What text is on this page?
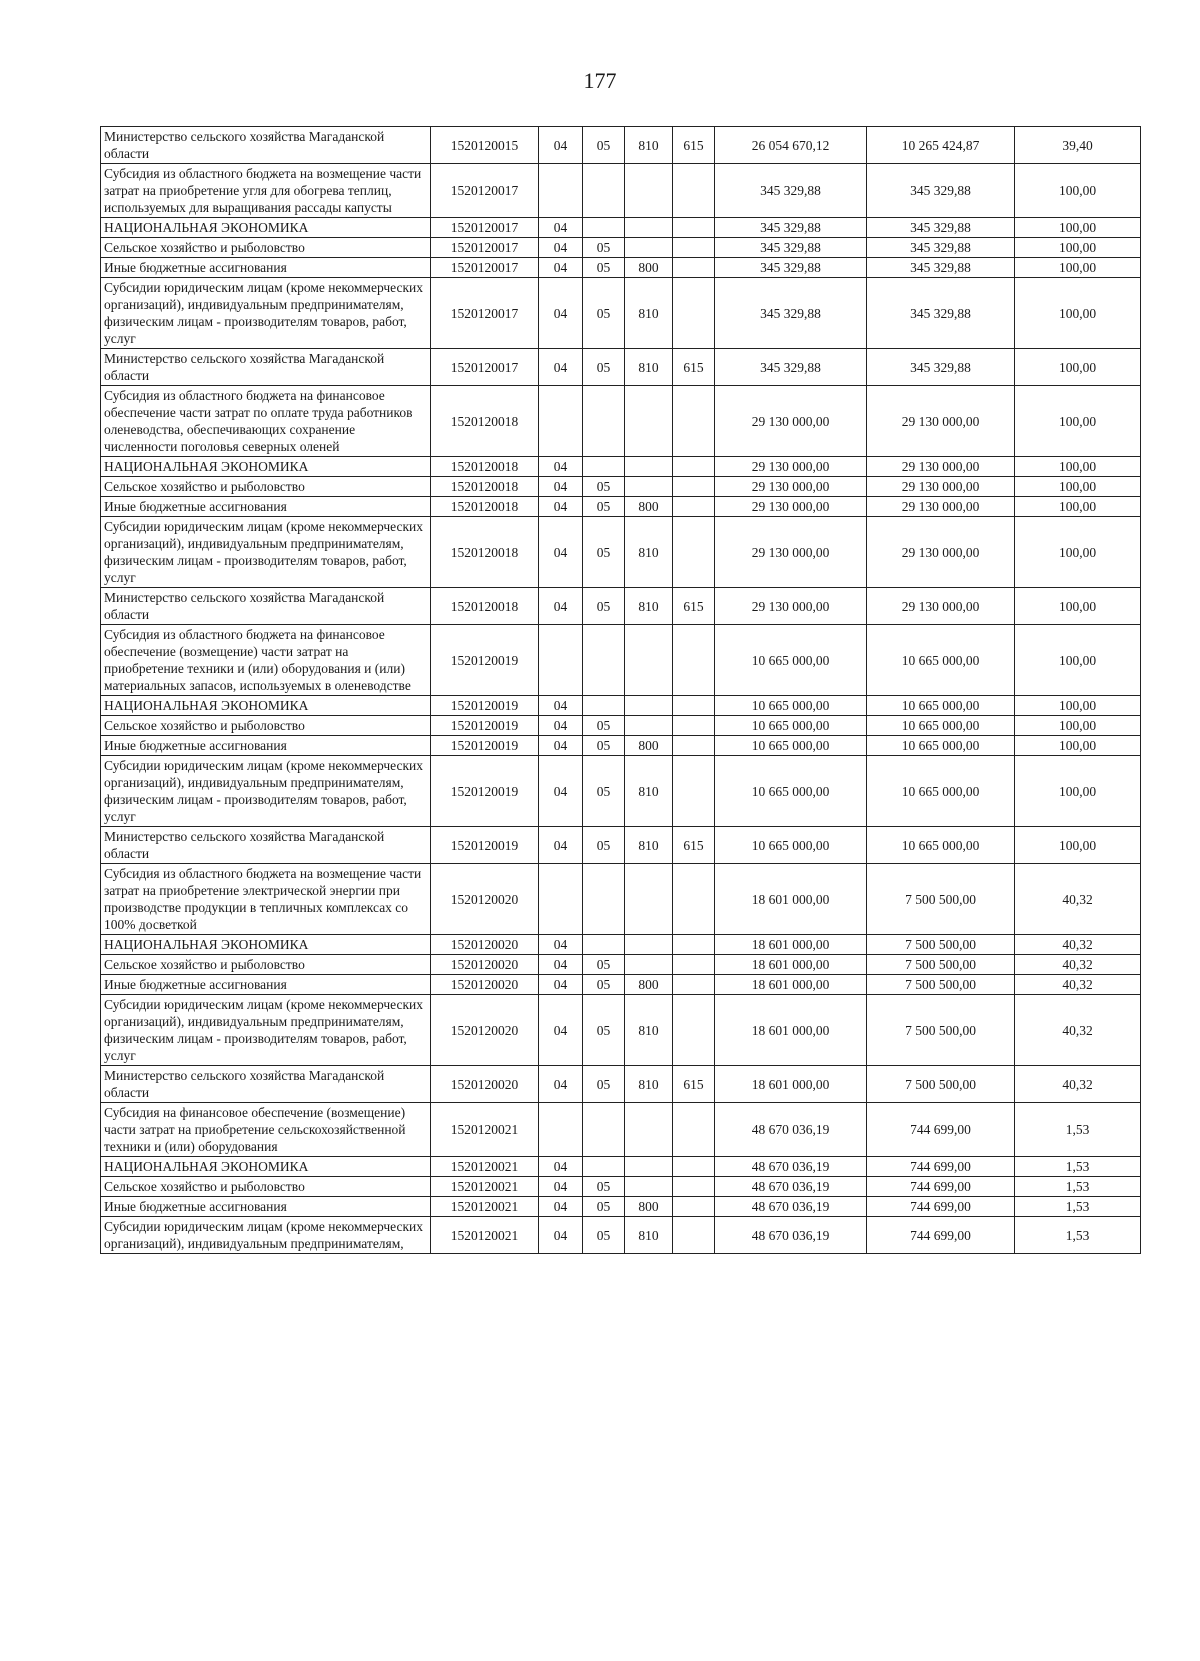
177
Министерство сельского хозяйства Магаданской области	1520120015	04	05	810	615	26 054 670,12	10 265 424,87	39,40
Субсидия из областного бюджета на возмещение части затрат на приобретение угля для обогрева теплиц, используемых для выращивания рассады капусты	1520120017					345 329,88	345 329,88	100,00
НАЦИОНАЛЬНАЯ ЭКОНОМИКА	1520120017	04				345 329,88	345 329,88	100,00
Сельское хозяйство и рыболовство	1520120017	04	05			345 329,88	345 329,88	100,00
Иные бюджетные ассигнования	1520120017	04	05	800		345 329,88	345 329,88	100,00
Субсидии юридическим лицам (кроме некоммерческих организаций), индивидуальным предпринимателям, физическим лицам - производителям товаров, работ, услуг	1520120017	04	05	810		345 329,88	345 329,88	100,00
Министерство сельского хозяйства Магаданской области	1520120017	04	05	810	615	345 329,88	345 329,88	100,00
Субсидия из областного бюджета на финансовое обеспечение части затрат по оплате труда работников оленеводства, обеспечивающих сохранение численности поголовья северных оленей	1520120018					29 130 000,00	29 130 000,00	100,00
НАЦИОНАЛЬНАЯ ЭКОНОМИКА	1520120018	04				29 130 000,00	29 130 000,00	100,00
Сельское хозяйство и рыболовство	1520120018	04	05			29 130 000,00	29 130 000,00	100,00
Иные бюджетные ассигнования	1520120018	04	05	800		29 130 000,00	29 130 000,00	100,00
Субсидии юридическим лицам (кроме некоммерческих организаций), индивидуальным предпринимателям, физическим лицам - производителям товаров, работ, услуг	1520120018	04	05	810		29 130 000,00	29 130 000,00	100,00
Министерство сельского хозяйства Магаданской области	1520120018	04	05	810	615	29 130 000,00	29 130 000,00	100,00
Субсидия из областного бюджета на финансовое обеспечение (возмещение) части затрат на приобретение техники и (или) оборудования и (или) материальных запасов, используемых в оленеводстве	1520120019					10 665 000,00	10 665 000,00	100,00
НАЦИОНАЛЬНАЯ ЭКОНОМИКА	1520120019	04				10 665 000,00	10 665 000,00	100,00
Сельское хозяйство и рыболовство	1520120019	04	05			10 665 000,00	10 665 000,00	100,00
Иные бюджетные ассигнования	1520120019	04	05	800		10 665 000,00	10 665 000,00	100,00
Субсидии юридическим лицам (кроме некоммерческих организаций), индивидуальным предпринимателям, физическим лицам - производителям товаров, работ, услуг	1520120019	04	05	810		10 665 000,00	10 665 000,00	100,00
Министерство сельского хозяйства Магаданской области	1520120019	04	05	810	615	10 665 000,00	10 665 000,00	100,00
Субсидия из областного бюджета на возмещение части затрат на приобретение электрической энергии при производстве продукции в тепличных комплексах со 100% досветкой	1520120020					18 601 000,00	7 500 500,00	40,32
НАЦИОНАЛЬНАЯ ЭКОНОМИКА	1520120020	04				18 601 000,00	7 500 500,00	40,32
Сельское хозяйство и рыболовство	1520120020	04	05			18 601 000,00	7 500 500,00	40,32
Иные бюджетные ассигнования	1520120020	04	05	800		18 601 000,00	7 500 500,00	40,32
Субсидии юридическим лицам (кроме некоммерческих организаций), индивидуальным предпринимателям, физическим лицам - производителям товаров, работ, услуг	1520120020	04	05	810		18 601 000,00	7 500 500,00	40,32
Министерство сельского хозяйства Магаданской области	1520120020	04	05	810	615	18 601 000,00	7 500 500,00	40,32
Субсидия на финансовое обеспечение (возмещение) части затрат на приобретение сельскохозяйственной техники и (или) оборудования	1520120021					48 670 036,19	744 699,00	1,53
НАЦИОНАЛЬНАЯ ЭКОНОМИКА	1520120021	04				48 670 036,19	744 699,00	1,53
Сельское хозяйство и рыболовство	1520120021	04	05			48 670 036,19	744 699,00	1,53
Иные бюджетные ассигнования	1520120021	04	05	800		48 670 036,19	744 699,00	1,53
Субсидии юридическим лицам (кроме некоммерческих организаций), индивидуальным предпринимателям,	1520120021	04	05	810		48 670 036,19	744 699,00	1,53
